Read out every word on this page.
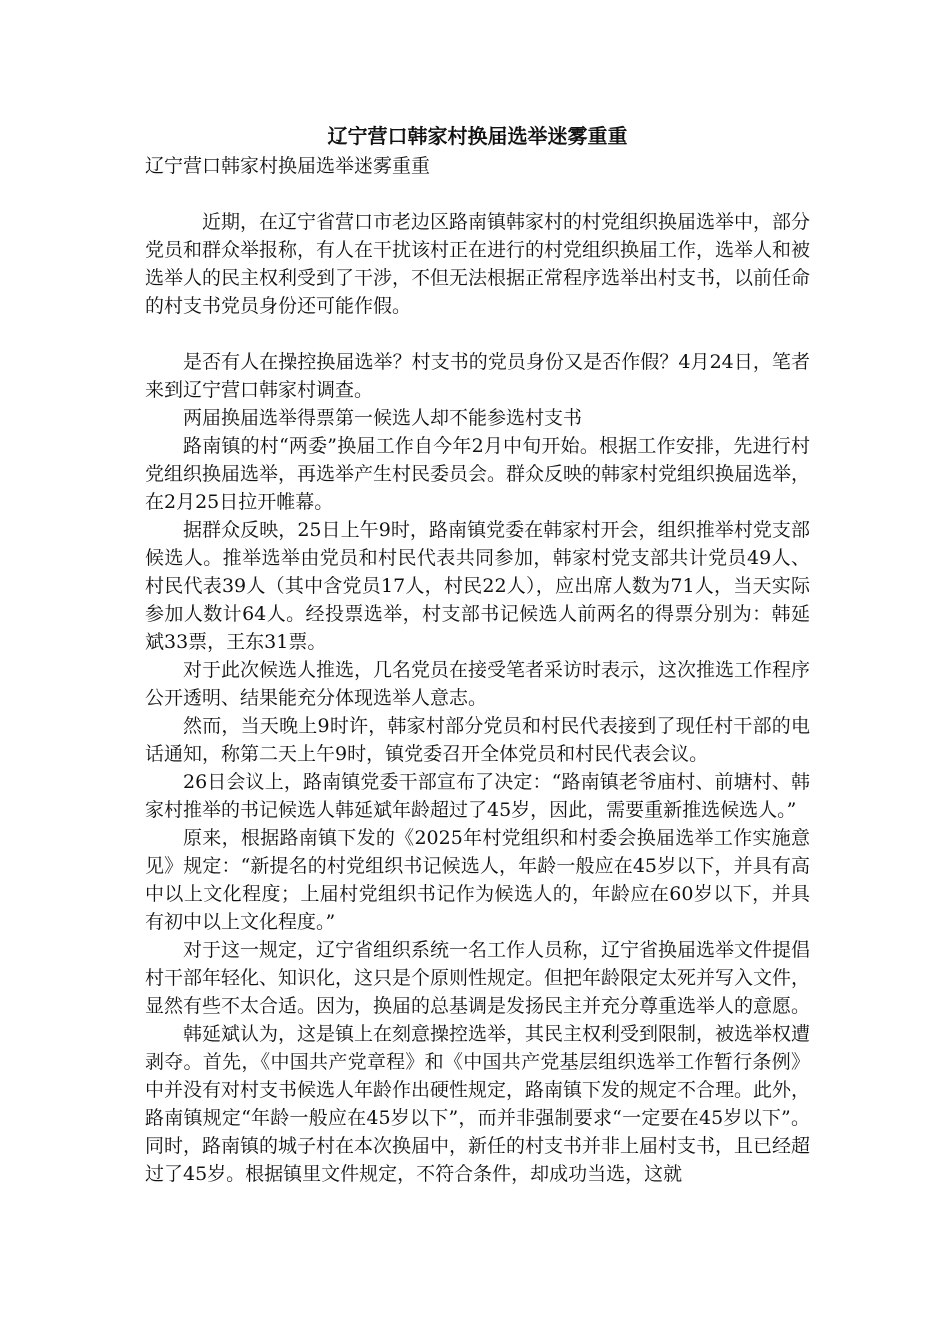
辽宁营口韩家村换届选举迷雾重重

辽宁营口韩家村换届选举迷雾重重

近期，在辽宁省营口市老边区路南镇韩家村的村党组织换届选举中，部分党员和群众举报称，有人在干扰该村正在进行的村党组织换届工作，选举人和被选举人的民主权利受到了干涉，不但无法根据正常程序选举出村支书，以前任命的村支书党员身份还可能作假。

是否有人在操控换届选举？村支书的党员身份又是否作假？4月24日，笔者来到辽宁营口韩家村调查。

两届换届选举得票第一候选人却不能参选村支书

路南镇的村“两委”换届工作自今年2月中旬开始。根据工作安排，先进行村党组织换届选举，再选举产生村民委员会。群众反映的韩家村党组织换届选举，在2月25日拉开帷幕。

据群众反映，25日上午9时，路南镇党委在韩家村开会，组织推举村党支部候选人。推举选举由党员和村民代表共同参加，韩家村党支部共计党员49人、村民代表39人（其中含党员17人，村民22人），应出席人数为71人，当天实际参加人数计64人。经投票选举，村支部书记候选人前两名的得票分别为：韩延斌33票，王东31票。

对于此次候选人推选，几名党员在接受笔者采访时表示，这次推选工作程序公开透明、结果能充分体现选举人意志。

然而，当天晚上9时许，韩家村部分党员和村民代表接到了现任村干部的电话通知，称第二天上午9时，镇党委召开全体党员和村民代表会议。

26日会议上，路南镇党委干部宣布了决定：“路南镇老爷庙村、前塘村、韩家村推举的书记候选人韩延斌年龄超过了45岁，因此，需要重新推选候选人。”

原来，根据路南镇下发的《2025年村党组织和村委会换届选举工作实施意见》规定：“新提名的村党组织书记候选人，年龄一般应在45岁以下，并具有高中以上文化程度；上届村党组织书记作为候选人的，年龄应在60岁以下，并具有初中以上文化程度。”

对于这一规定，辽宁省组织系统一名工作人员称，辽宁省换届选举文件提倡村干部年轻化、知识化，这只是个原则性规定。但把年龄限定太死并写入文件，显然有些不太合适。因为，换届的总基调是发扬民主并充分尊重选举人的意愿。

韩延斌认为，这是镇上在刻意操控选举，其民主权利受到限制，被选举权遭剥夺。首先，《中国共产党章程》和《中国共产党基层组织选举工作暂行条例》中并没有对村支书候选人年龄作出硬性规定，路南镇下发的规定不合理。此外，路南镇规定“年龄一般应在45岁以下”，而并非强制要求“一定要在45岁以下”。同时，路南镇的城子村在本次换届中，新任的村支书并非上届村支书，且已经超过了45岁。根据镇里文件规定，不符合条件，却成功当选，这就
